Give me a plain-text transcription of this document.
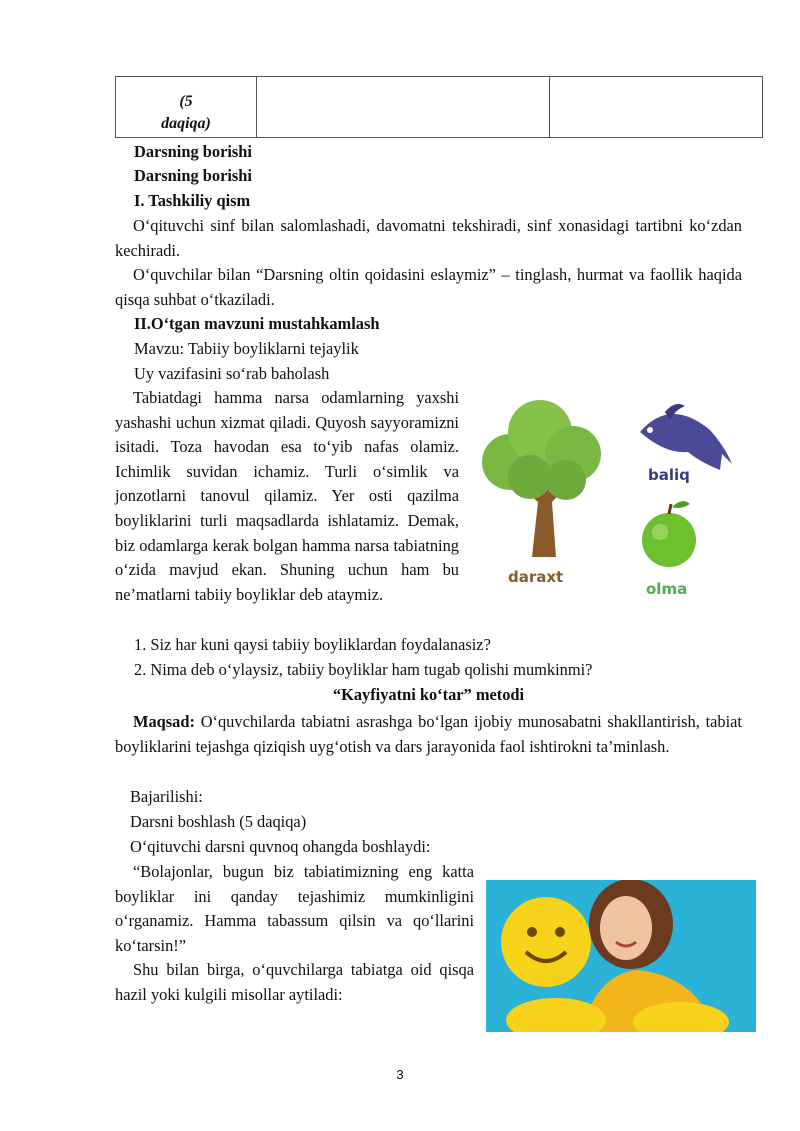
(5
daqiqa)		
Darsning borishi
Darsning borishi
I. Tashkiliy qism

O‘qituvchi sinf bilan salomlashadi, davomatni tekshiradi, sinf xonasidagi tartibni ko‘zdan kechiradi.

O‘quvchilar bilan “Darsning oltin qoidasini eslaymiz” – tinglash, hurmat va faollik haqida qisqa suhbat o‘tkaziladi.

II.O‘tgan mavzuni mustahkamlash
Mavzu: Tabiiy boyliklarni tejaylik
Uy vazifasini so‘rab baholash

Tabiatdagi hamma narsa odamlarning yaxshi yashashi uchun xizmat qiladi. Quyosh sayyoramizni isitadi. Toza havodan esa to‘yib nafas olamiz. Ichimlik suvidan ichamiz. Turli o‘simlik va jonzotlarni tanovul qilamiz. Yer osti qazilma boyliklarini turli maqsadlarda ishlatamiz. Demak, biz odamlarga kerak bolgan hamma narsa tabiatning o‘zida mavjud ekan. Shuning uchun ham bu ne’matlarni tabiiy boyliklar deb ataymiz.

daraxt
baliq
olma
1. Siz har kuni qaysi tabiiy boyliklardan foydalanasiz?
2. Nima deb o‘ylaysiz, tabiiy boyliklar ham tugab qolishi mumkinmi?
“Kayfiyatni ko‘tar” metodi

Maqsad: O‘quvchilarda tabiatni asrashga bo‘lgan ijobiy munosabatni shakllantirish, tabiat boyliklarini tejashga qiziqish uyg‘otish va dars jarayonida faol ishtirokni ta’minlash.

Bajarilishi:
Darsni boshlash (5 daqiqa)
O‘qituvchi darsni quvnoq ohangda boshlaydi:

“Bolajonlar, bugun biz tabiatimizning eng katta boyliklar ini qanday tejashimiz mumkinligini o‘rganamiz. Hamma tabassum qilsin va qo‘llarini ko‘tarsin!”

Shu bilan birga, o‘quvchilarga tabiatga oid qisqa hazil yoki kulgili misollar aytiladi:

3
